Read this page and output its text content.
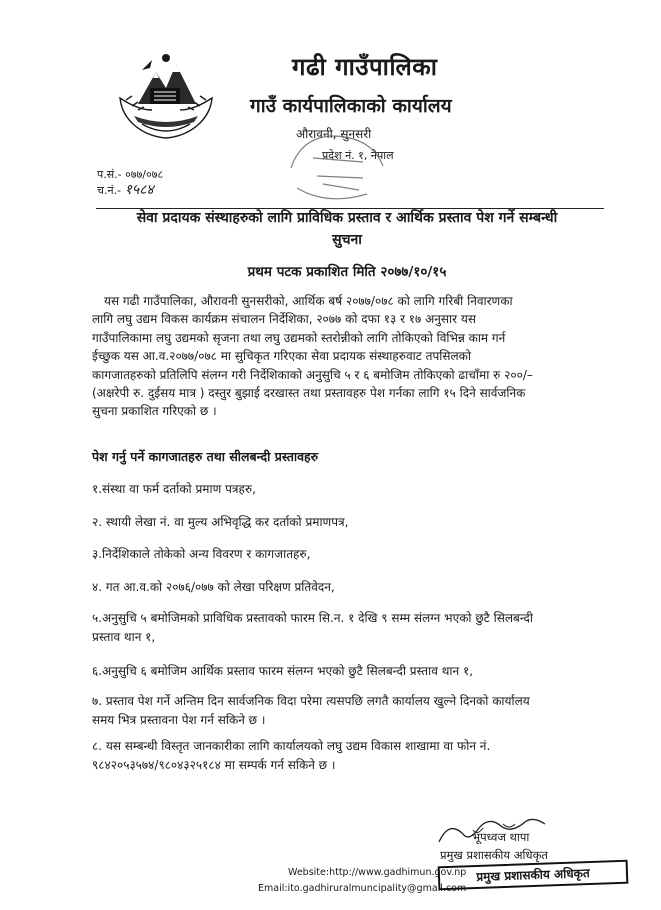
गढी गाउँपालिका
गाउँ कार्यपालिकाको कार्यालय
औरावनी, सुनसरी
प्रदेश नं. १, नेपाल
प.सं.- ०७७/०७८
च.नं.- १५८४
सेवा प्रदायक संस्थाहरुको लागि प्राविधिक प्रस्ताव र आर्थिक प्रस्ताव पेश गर्ने सम्बन्धी
सुचना
प्रथम पटक प्रकाशित मिति २०७७/१०/१५
यस गढी गाउँपालिका, औरावनी सुनसरीको, आर्थिक बर्ष २०७७/०७८ को लागि गरिबी निवारणका
लागि लघु उद्यम विकस कार्यक्रम संचालन निर्देशिका, २०७७ को दफा १३ र १७ अनुसार यस
गाउँपालिकामा लघु उद्यमको सृजना तथा लघु उद्यमको स्तरोन्नीको लागि तोकिएको विभिन्न काम गर्न
ईच्छुक यस आ.व.२०७७/०७८ मा सुचिकृत गरिएका सेवा प्रदायक संस्थाहरुवाट तपसिलको
कागजातहरुको प्रतिलिपि संलग्न गरी निर्देशिकाको अनुसुचि ५ र ६ बमोजिम तोकिएको ढाचाँमा रु २००/–
(अक्षरेपी रु. दुईसय मात्र ) दस्तुर बुझाई दरखास्त तथा प्रस्तावहरु पेश गर्नका लागि १५ दिने सार्वजनिक
सुचना प्रकाशित गरिएको छ ।
पेश गर्नु पर्ने कागजातहरु तथा सीलबन्दी प्रस्तावहरु
१.संस्था वा फर्म दर्ताको प्रमाण पत्रहरु,
२. स्थायी लेखा नं. वा मुल्य अभिवृद्धि कर दर्ताको प्रमाणपत्र,
३.निर्देशिकाले तोकेको अन्य विवरण र कागजातहरु,
४. गत आ.व.को २०७६/०७७ को लेखा परिक्षण प्रतिवेदन,
५.अनुसुचि ५ बमोजिमको प्राविधिक प्रस्तावको फारम सि.न. १ देखि ९ सम्म संलग्न भएको छुटै सिलबन्दी
प्रस्ताव थान १,
६.अनुसुचि ६ बमोजिम आर्थिक प्रस्ताव फारम संलग्न भएको छुटै सिलबन्दी प्रस्ताव थान १,
७. प्रस्ताव पेश गर्ने अन्तिम दिन सार्वजनिक विदा परेमा त्यसपछि लगतै कार्यालय खुल्ने दिनको कार्यालय
समय भित्र प्रस्तावना पेश गर्न सकिने छ ।
८. यस सम्बन्धी विस्तृत जानकारीका लागि कार्यालयको लघु उद्यम विकास शाखामा वा फोन नं.
९८४२०५३५७४/९८०४३२५१८४ मा सम्पर्क गर्न सकिने छ ।
भूपध्वज थापा
प्रमुख प्रशासकीय अधिकृत
Website:http://www.gadhimun.gov.np
Email:ito.gadhiruralmuncipality@gmail.com
प्रमुख प्रशासकीय अधिकृत
